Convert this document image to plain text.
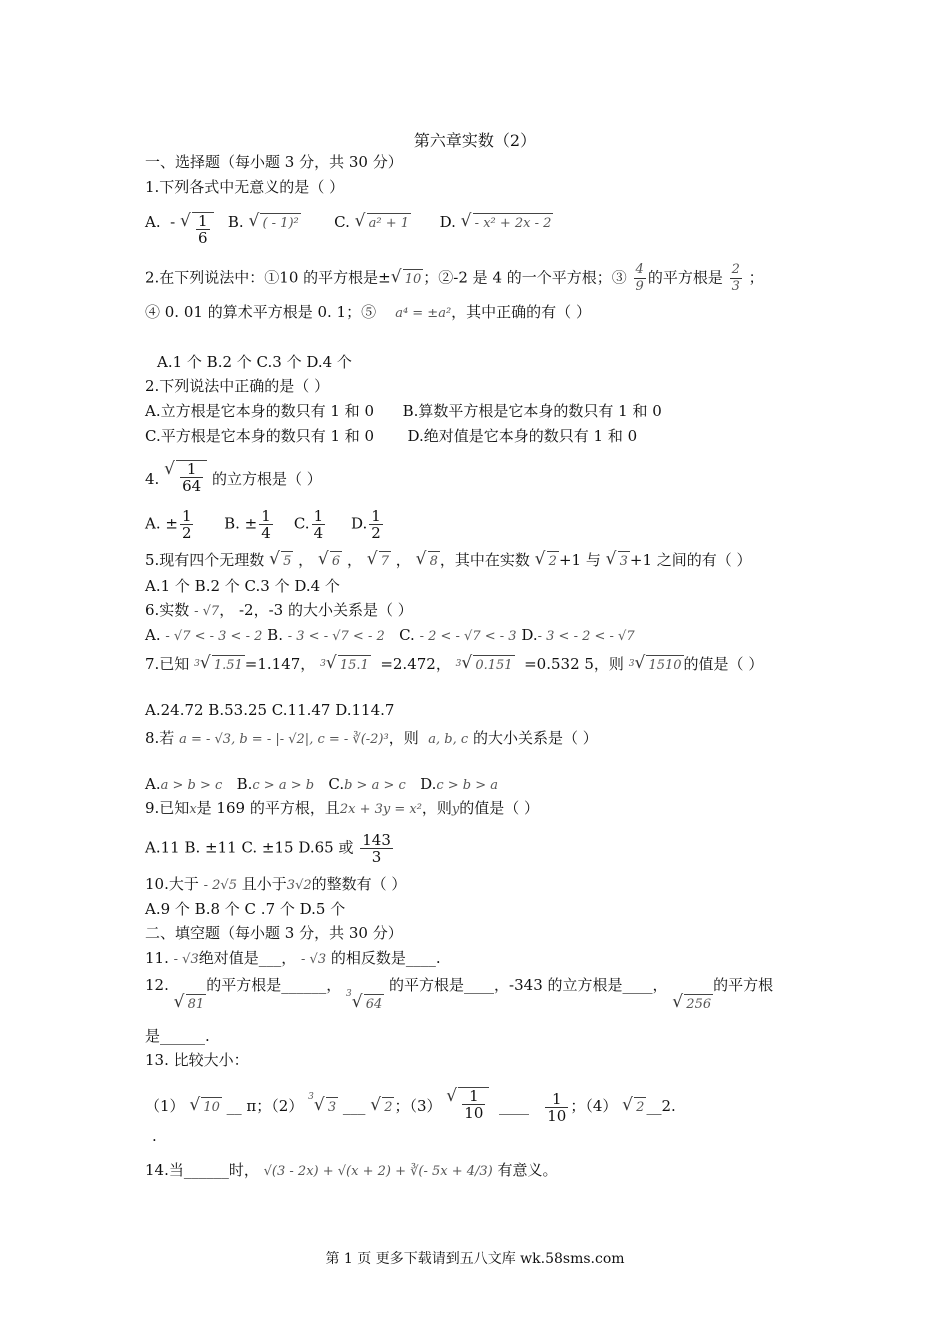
第六章实数（2）
一、选择题（每小题 3 分，共 30 分）
1.下列各式中无意义的是（ ）
A.  - √ $\frac{1}{6} B$. √ ( - 1)² C. √ a² + 1 D. √ - x² + 2x - 2
2.在下列说法中：①10 的平方根是± √ 10 ；②-2 是 4 的一个平方根；③ $\frac{4}{9}$ 的平方根是 $\frac{2}{3}$ ；
④ 0. 01 的算术平方根是 0. 1；⑤ a⁴ = ±a²，其中正确的有（ ）
A.1 个 B.2 个 C.3 个 D.4 个
2.下列说法中正确的是（ ）
A.立方根是它本身的数只有 1 和 0 B.算数平方根是它本身的数只有 1 和 0
C.平方根是它本身的数只有 1 和 0 D.绝对值是它本身的数只有 1 和 0
4. √ $\frac{1}{64}$ 的立方根是（ ）
A. ± $\frac{1}{2} B$. ± $\frac{1}{4} C$. $\frac{1}{4} D$. $\frac{1}{2}$
5.现有四个无理数 √ 5 ， √ 6 ， √ 7 ， √ 8 ，其中在实数 √ 2 +1 与 √ 3 +1 之间的有（ ）
A.1 个 B.2 个 C.3 个 D.4 个
6.实数 - √7， -2，-3 的大小关系是（ ）
A. - √7 < - 3 < - 2 B. - 3 < - √7 < - 2 C. - 2 < - √7 < - 3 D.- 3 < - 2 < - √7
7.已知 $^3$ √ 1.51 =1.147， $^3$ √ 15.1 =2.472， $^3$ √ 0.151 =0.532 5，则 $^3$ √ 1510 的值是（ ）
A.24.72 B.53.25 C.11.47 D.114.7
8.若 a = - √3, b = - |- √2|, c = - ∛(-2)³，则 a, b, c 的大小关系是（ ）
A.a > b > c B.c > a > b C.b > a > c D.c > b > a
9.已知x是 169 的平方根，且2x + 3y = x²，则y的值是（ ）
A.11 B. ±11 C. ±15 D.65 或 $\frac{143}{3}$
10.大于 - 2√5 且小于3√2的整数有（ ）
A.9 个 B.8 个 C .7 个 D.5 个
二、填空题（每小题 3 分，共 30 分）
11. - √3绝对值是___， - √3 的相反数是____.
12. √ 81的平方根是______， $_3$√ 64 的平方根是____，-343 的立方根是____， √ 256的平方根
是______.
13. 比较大小：
（1） √ 10 __ π；（2） $^3$√ 3 ___ √ 2 ；（3） √ $\frac{1}{10}$ ____ $\frac{1}{10}$ ；（4） √ 2 __2.
.
14.当______时， √(3 - 2x) + √(x + 2) + ∛(- 5x + 4/3) 有意义。
第 1 页 更多下载请到五八文库 wk.58sms.com
